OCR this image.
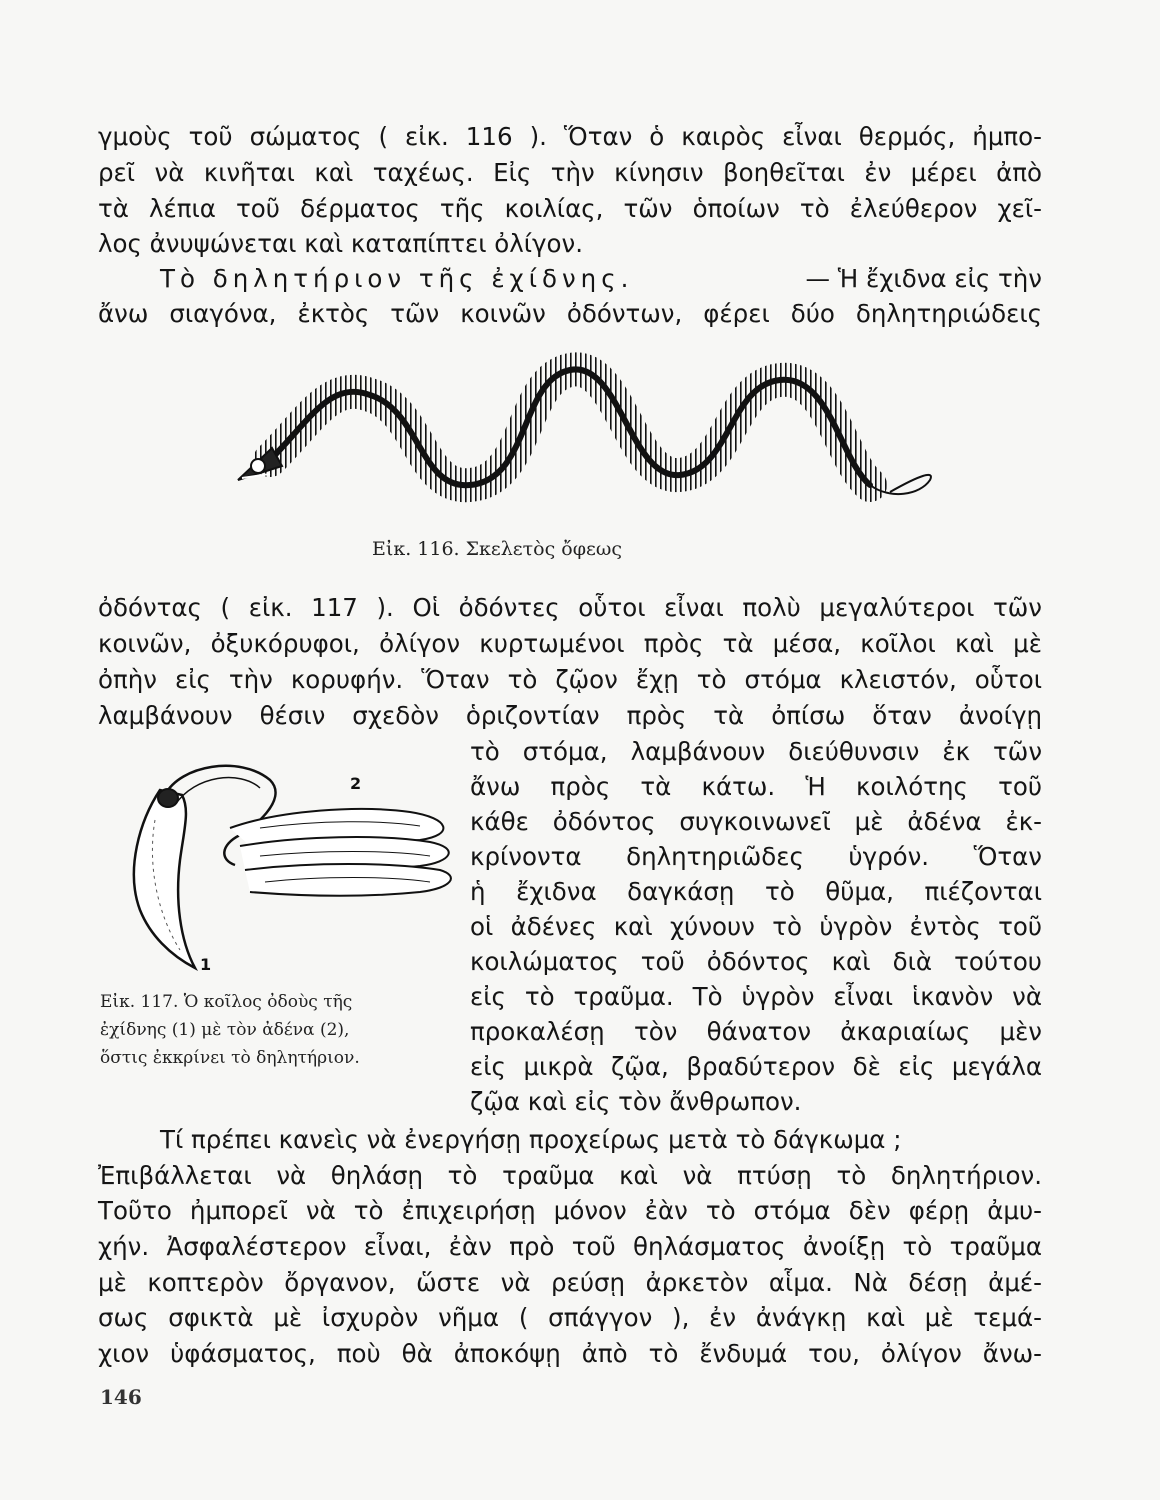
γμοὺς τοῦ σώματος ( εἰκ. 116 ). Ὅταν ὁ καιρὸς εἶναι θερμός, ἠμπο-
ρεῖ νὰ κινῆται καὶ ταχέως. Εἰς τὴν κίνησιν βοηθεῖται ἐν μέρει ἀπὸ
τὰ λέπια τοῦ δέρματος τῆς κοιλίας, τῶν ὁποίων τὸ ἐλεύθερον χεῖ-
λος ἀνυψώνεται καὶ καταπίπτει ὀλίγον.
Τὸ δηλητήριον τῆς ἐχίδνης.	— Ἡ ἔχιδνα εἰς τὴν
ἄνω σιαγόνα, ἐκτὸς τῶν κοινῶν ὀδόντων, φέρει δύο δηλητηριώδεις
Εἰκ. 116. Σκελετὸς ὄφεως
ὀδόντας ( εἰκ. 117 ). Οἱ ὀδόντες οὗτοι εἶναι πολὺ μεγαλύτεροι τῶν
κοινῶν, ὀξυκόρυφοι, ὀλίγον κυρτωμένοι πρὸς τὰ μέσα, κοῖλοι καὶ μὲ
ὀπὴν εἰς τὴν κορυφήν. Ὅταν τὸ ζῷον ἔχῃ τὸ στόμα κλειστόν, οὗτοι
λαμβάνουν θέσιν σχεδὸν ὁριζοντίαν πρὸς τὰ ὀπίσω ὅταν ἀνοίγῃ
2
1
Εἰκ. 117. Ὁ κοῖλος ὀδοὺς τῆς
ἐχίδνης (1) μὲ τὸν ἀδένα (2),
ὅστις ἐκκρίνει τὸ δηλητήριον.
τὸ στόμα, λαμβάνουν διεύθυνσιν ἐκ τῶν
ἄνω πρὸς τὰ κάτω. Ἡ κοιλότης τοῦ
κάθε ὀδόντος συγκοινωνεῖ μὲ ἀδένα ἐκ-
κρίνοντα δηλητηριῶδες ὑγρόν. Ὅταν
ἡ ἔχιδνα δαγκάσῃ τὸ θῦμα, πιέζονται
οἱ ἀδένες καὶ χύνουν τὸ ὑγρὸν ἐντὸς τοῦ
κοιλώματος τοῦ ὀδόντος καὶ διὰ τούτου
εἰς τὸ τραῦμα. Τὸ ὑγρὸν εἶναι ἱκανὸν νὰ
προκαλέσῃ τὸν θάνατον ἀκαριαίως μὲν
εἰς μικρὰ ζῷα, βραδύτερον δὲ εἰς μεγάλα
ζῷα καὶ εἰς τὸν ἄνθρωπον.
Τί πρέπει κανεὶς νὰ ἐνεργήσῃ προχείρως μετὰ τὸ δάγκωμα ;
Ἐπιβάλλεται νὰ θηλάσῃ τὸ τραῦμα καὶ νὰ πτύσῃ τὸ δηλητήριον.
Τοῦτο ἠμπορεῖ νὰ τὸ ἐπιχειρήσῃ μόνον ἐὰν τὸ στόμα δὲν φέρῃ ἀμυ-
χήν. Ἀσφαλέστερον εἶναι, ἐὰν πρὸ τοῦ θηλάσματος ἀνοίξῃ τὸ τραῦμα
μὲ κοπτερὸν ὄργανον, ὥστε νὰ ρεύσῃ ἀρκετὸν αἷμα. Νὰ δέσῃ ἀμέ-
σως σφικτὰ μὲ ἰσχυρὸν νῆμα ( σπάγγον ), ἐν ἀνάγκῃ καὶ μὲ τεμά-
χιον ὑφάσματος, ποὺ θὰ ἀποκόψῃ ἀπὸ τὸ ἔνδυμά του, ὀλίγον ἄνω-
146
